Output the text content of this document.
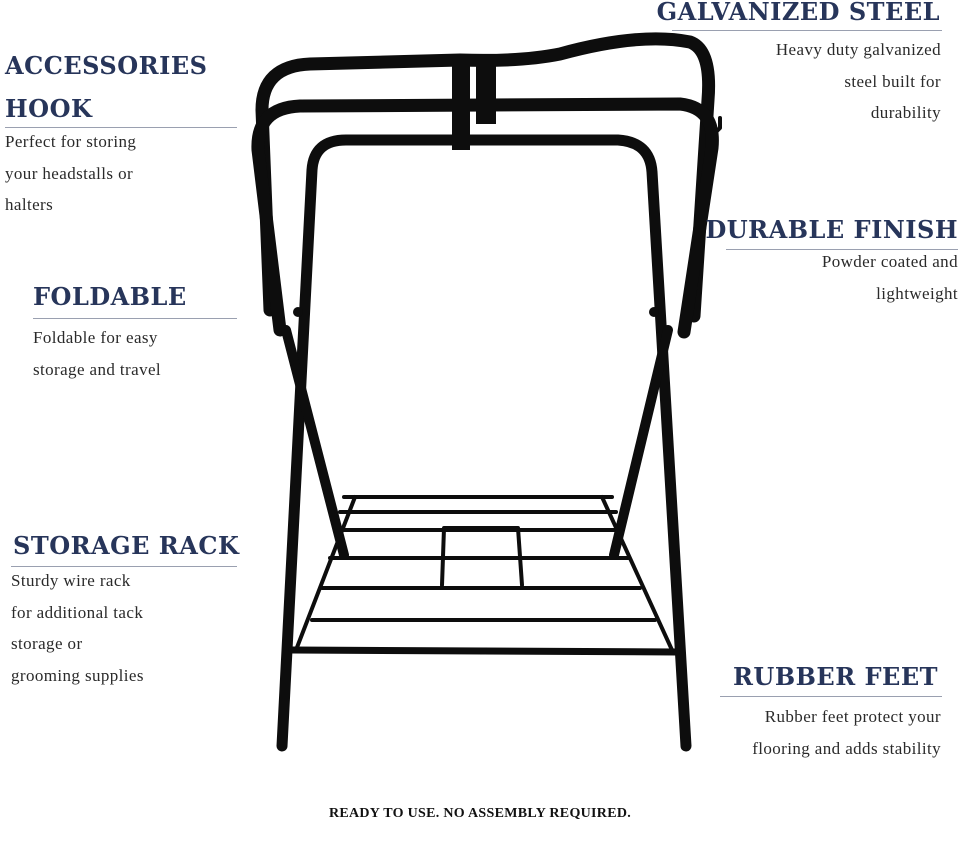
ACCESSORIES
HOOK
Perfect for storing
your headstalls or
halters
FOLDABLE
Foldable for easy
storage and travel
STORAGE RACK
Sturdy wire rack
for additional tack
storage or
grooming supplies
GALVANIZED STEEL
Heavy duty galvanized
steel built for
durability
DURABLE FINISH
Powder coated and
lightweight
RUBBER FEET
Rubber feet protect your
flooring and adds stability
READY TO USE. NO ASSEMBLY REQUIRED.
